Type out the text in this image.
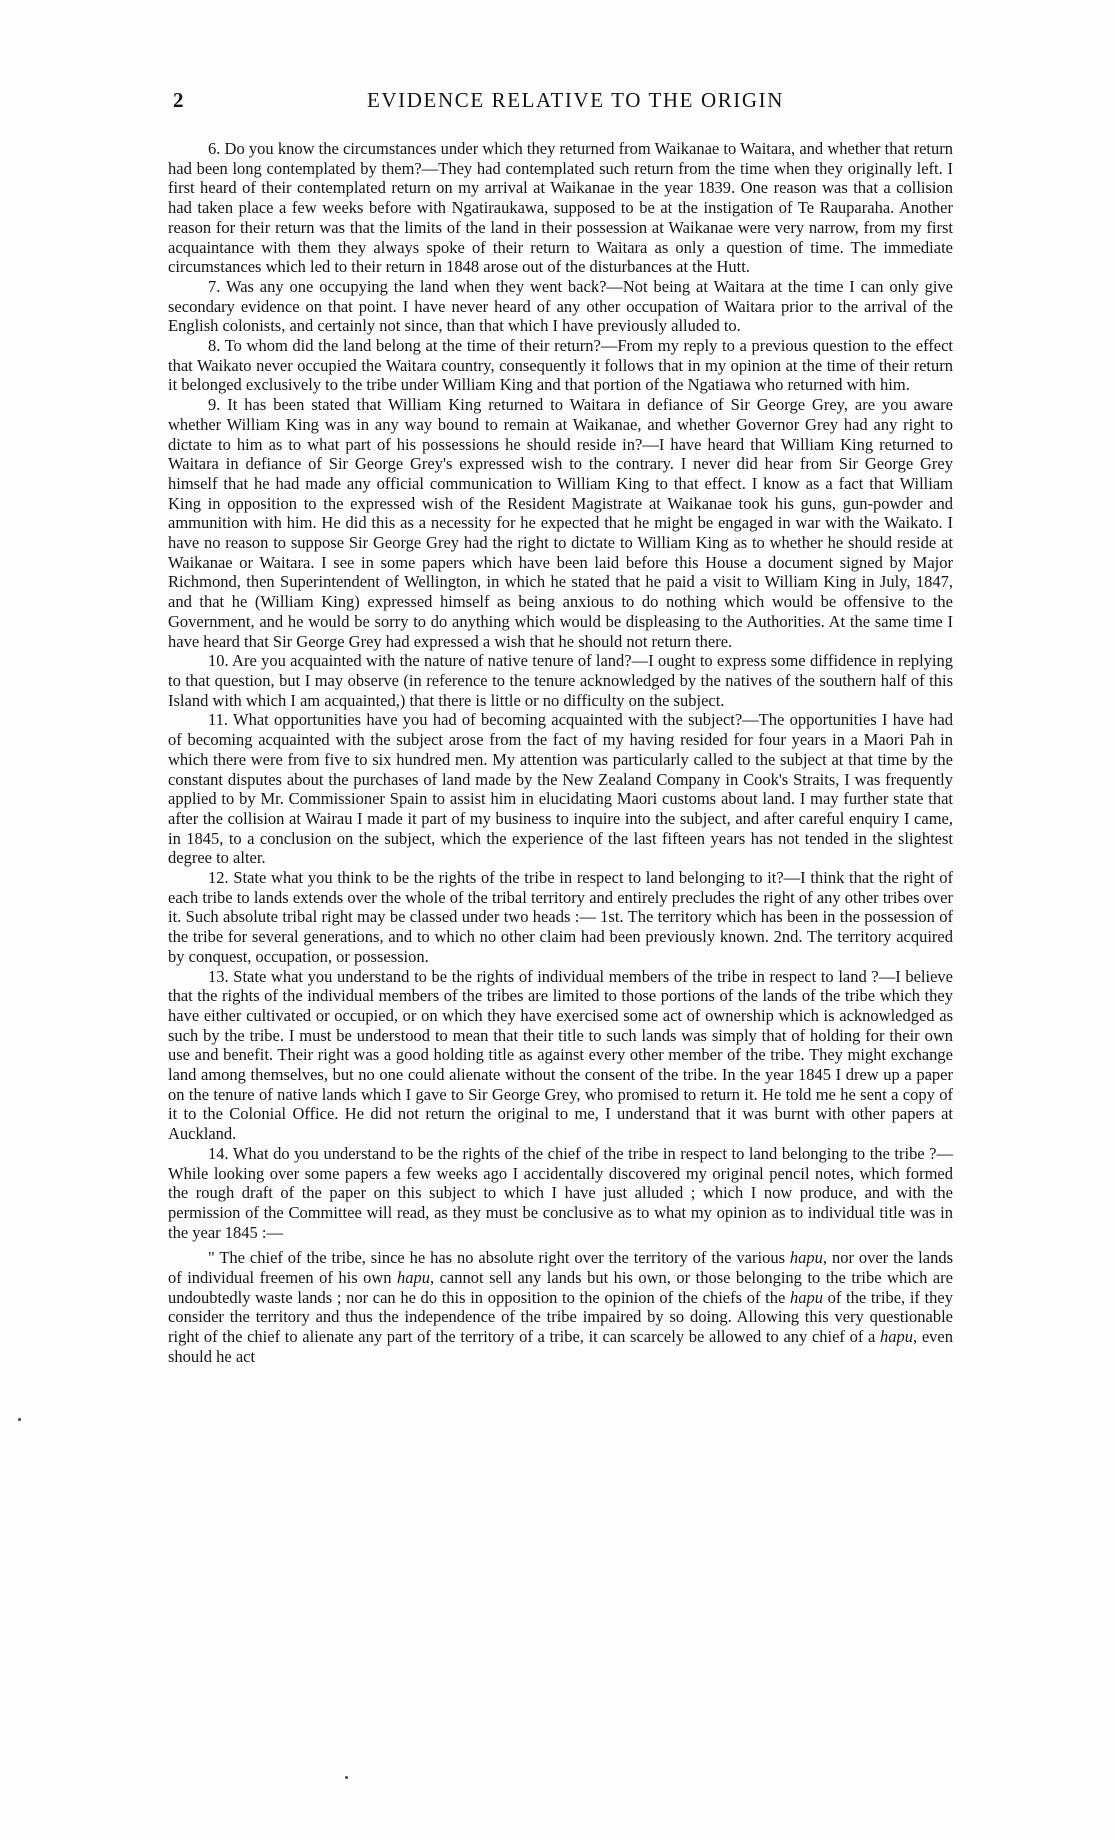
2	EVIDENCE RELATIVE TO THE ORIGIN

6. Do you know the circumstances under which they returned from Waikanae to Waitara, and whether that return had been long contemplated by them?—They had contemplated such return from the time when they originally left. I first heard of their contemplated return on my arrival at Waikanae in the year 1839. One reason was that a collision had taken place a few weeks before with Ngatiraukawa, supposed to be at the instigation of Te Rauparaha. Another reason for their return was that the limits of the land in their possession at Waikanae were very narrow, from my first acquaintance with them they always spoke of their return to Waitara as only a question of time. The immediate circumstances which led to their return in 1848 arose out of the disturbances at the Hutt.

7. Was any one occupying the land when they went back?—Not being at Waitara at the time I can only give secondary evidence on that point. I have never heard of any other occupation of Waitara prior to the arrival of the English colonists, and certainly not since, than that which I have previously alluded to.

8. To whom did the land belong at the time of their return?—From my reply to a previous question to the effect that Waikato never occupied the Waitara country, consequently it follows that in my opinion at the time of their return it belonged exclusively to the tribe under William King and that portion of the Ngatiawa who returned with him.

9. It has been stated that William King returned to Waitara in defiance of Sir George Grey, are you aware whether William King was in any way bound to remain at Waikanae, and whether Governor Grey had any right to dictate to him as to what part of his possessions he should reside in?—I have heard that William King returned to Waitara in defiance of Sir George Grey's expressed wish to the contrary. I never did hear from Sir George Grey himself that he had made any official communication to William King to that effect. I know as a fact that William King in opposition to the expressed wish of the Resident Magistrate at Waikanae took his guns, gun-powder and ammunition with him. He did this as a necessity for he expected that he might be engaged in war with the Waikato. I have no reason to suppose Sir George Grey had the right to dictate to William King as to whether he should reside at Waikanae or Waitara. I see in some papers which have been laid before this House a document signed by Major Richmond, then Superintendent of Wellington, in which he stated that he paid a visit to William King in July, 1847, and that he (William King) expressed himself as being anxious to do nothing which would be offensive to the Government, and he would be sorry to do anything which would be displeasing to the Authorities. At the same time I have heard that Sir George Grey had expressed a wish that he should not return there.

10. Are you acquainted with the nature of native tenure of land?—I ought to express some diffidence in replying to that question, but I may observe (in reference to the tenure acknowledged by the natives of the southern half of this Island with which I am acquainted,) that there is little or no difficulty on the subject.

11. What opportunities have you had of becoming acquainted with the subject?—The opportunities I have had of becoming acquainted with the subject arose from the fact of my having resided for four years in a Maori Pah in which there were from five to six hundred men. My attention was particularly called to the subject at that time by the constant disputes about the purchases of land made by the New Zealand Company in Cook's Straits, I was frequently applied to by Mr. Commissioner Spain to assist him in elucidating Maori customs about land. I may further state that after the collision at Wairau I made it part of my business to inquire into the subject, and after careful enquiry I came, in 1845, to a conclusion on the subject, which the experience of the last fifteen years has not tended in the slightest degree to alter.

12. State what you think to be the rights of the tribe in respect to land belonging to it?—I think that the right of each tribe to lands extends over the whole of the tribal territory and entirely precludes the right of any other tribes over it. Such absolute tribal right may be classed under two heads :— 1st. The territory which has been in the possession of the tribe for several generations, and to which no other claim had been previously known. 2nd. The territory acquired by conquest, occupation, or possession.

13. State what you understand to be the rights of individual members of the tribe in respect to land ?—I believe that the rights of the individual members of the tribes are limited to those portions of the lands of the tribe which they have either cultivated or occupied, or on which they have exercised some act of ownership which is acknowledged as such by the tribe. I must be understood to mean that their title to such lands was simply that of holding for their own use and benefit. Their right was a good holding title as against every other member of the tribe. They might exchange land among themselves, but no one could alienate without the consent of the tribe. In the year 1845 I drew up a paper on the tenure of native lands which I gave to Sir George Grey, who promised to return it. He told me he sent a copy of it to the Colonial Office. He did not return the original to me, I understand that it was burnt with other papers at Auckland.

14. What do you understand to be the rights of the chief of the tribe in respect to land belonging to the tribe ?—While looking over some papers a few weeks ago I accidentally discovered my original pencil notes, which formed the rough draft of the paper on this subject to which I have just alluded ; which I now produce, and with the permission of the Committee will read, as they must be conclusive as to what my opinion as to individual title was in the year 1845 :—

" The chief of the tribe, since he has no absolute right over the territory of the various hapu, nor over the lands of individual freemen of his own hapu, cannot sell any lands but his own, or those belonging to the tribe which are undoubtedly waste lands ; nor can he do this in opposition to the opinion of the chiefs of the hapu of the tribe, if they consider the territory and thus the independence of the tribe impaired by so doing. Allowing this very questionable right of the chief to alienate any part of the territory of a tribe, it can scarcely be allowed to any chief of a hapu, even should he act
